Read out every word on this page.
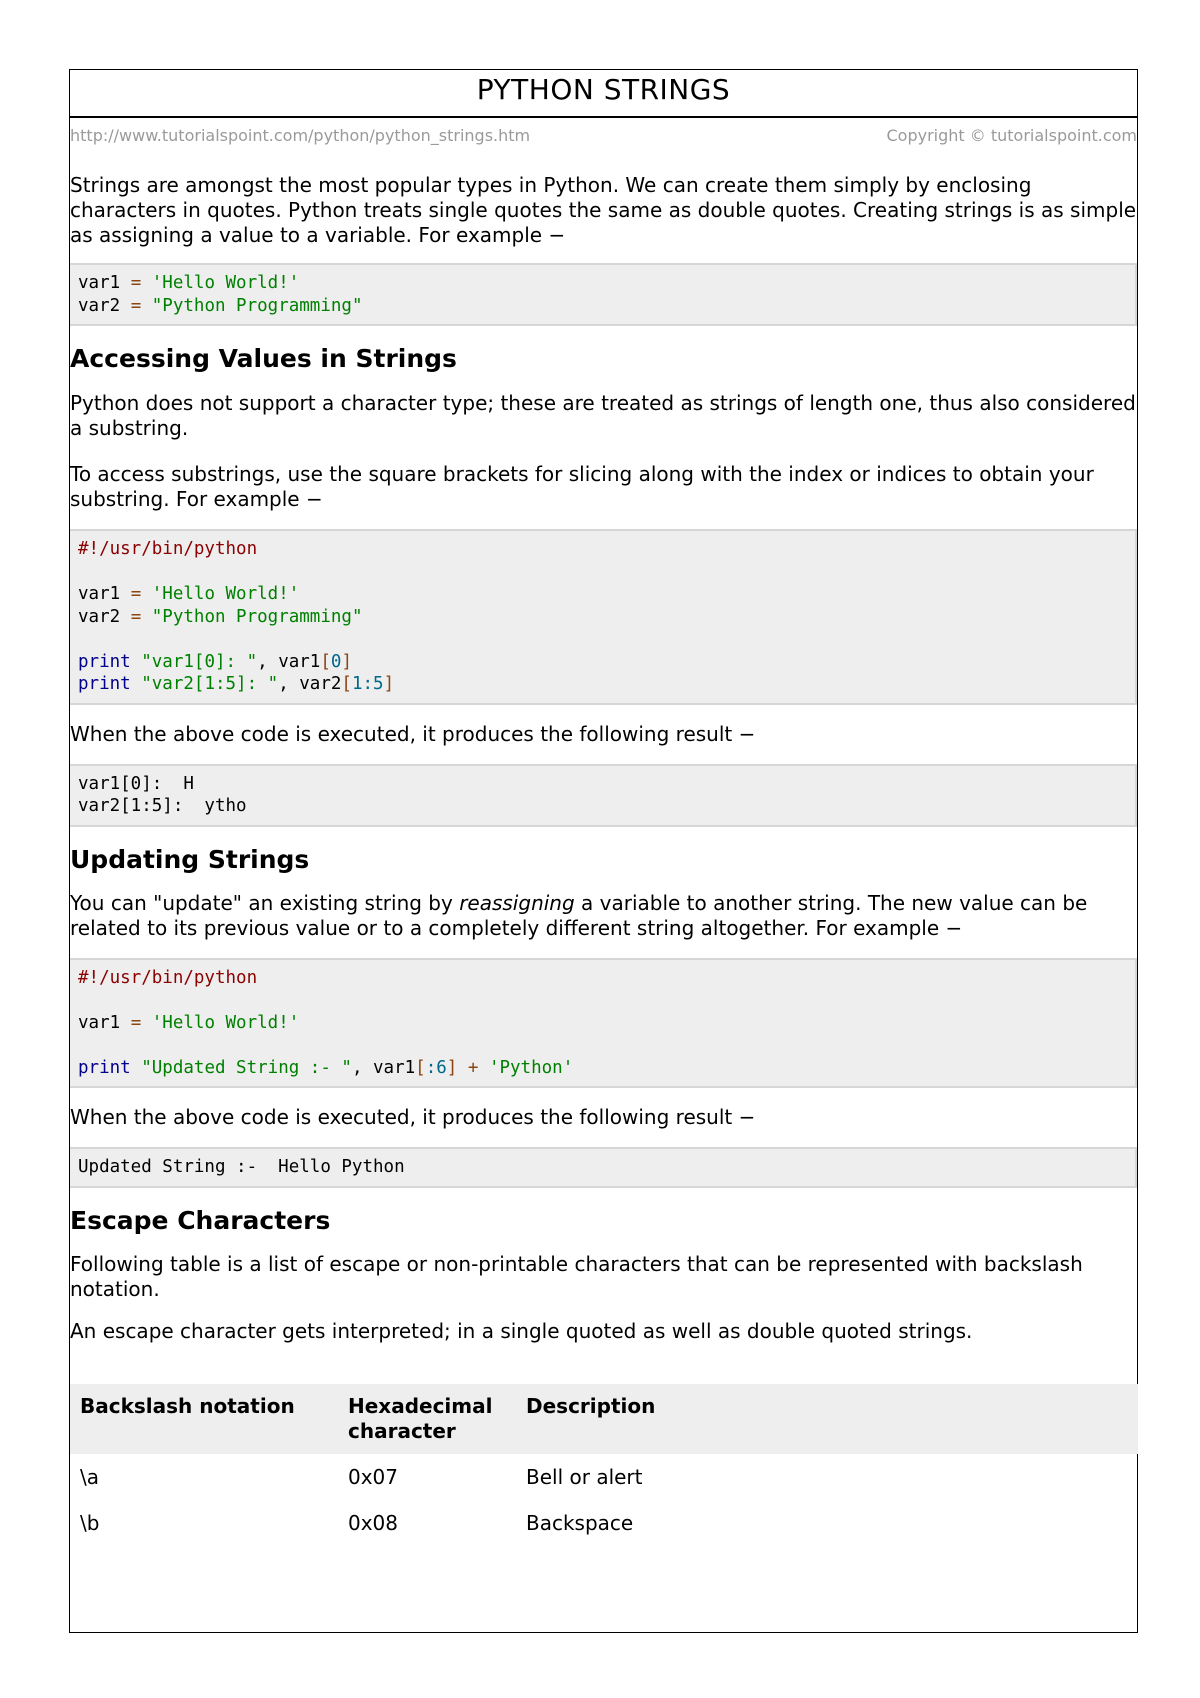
PYTHON STRINGS
http://www.tutorialspoint.com/python/python_strings.htm	Copyright © tutorialspoint.com

Strings are amongst the most popular types in Python. We can create them simply by enclosing characters in quotes. Python treats single quotes the same as double quotes. Creating strings is as simple as assigning a value to a variable. For example −

var1 = 'Hello World!'
var2 = "Python Programming"
Accessing Values in Strings

Python does not support a character type; these are treated as strings of length one, thus also considered a substring.

To access substrings, use the square brackets for slicing along with the index or indices to obtain your substring. For example −

#!/usr/bin/python

var1 = 'Hello World!'
var2 = "Python Programming"

print "var1[0]: ", var1[0]
print "var2[1:5]: ", var2[1:5]

When the above code is executed, it produces the following result −

var1[0]:  H
var2[1:5]:  ytho
Updating Strings

You can "update" an existing string by reassigning a variable to another string. The new value can be related to its previous value or to a completely different string altogether. For example −

#!/usr/bin/python

var1 = 'Hello World!'

print "Updated String :- ", var1[:6] + 'Python'

When the above code is executed, it produces the following result −

Updated String :-  Hello Python
Escape Characters

Following table is a list of escape or non-printable characters that can be represented with backslash notation.

An escape character gets interpreted; in a single quoted as well as double quoted strings.

Backslash notation	Hexadecimal character	Description
\a	0x07	Bell or alert
\b	0x08	Backspace
